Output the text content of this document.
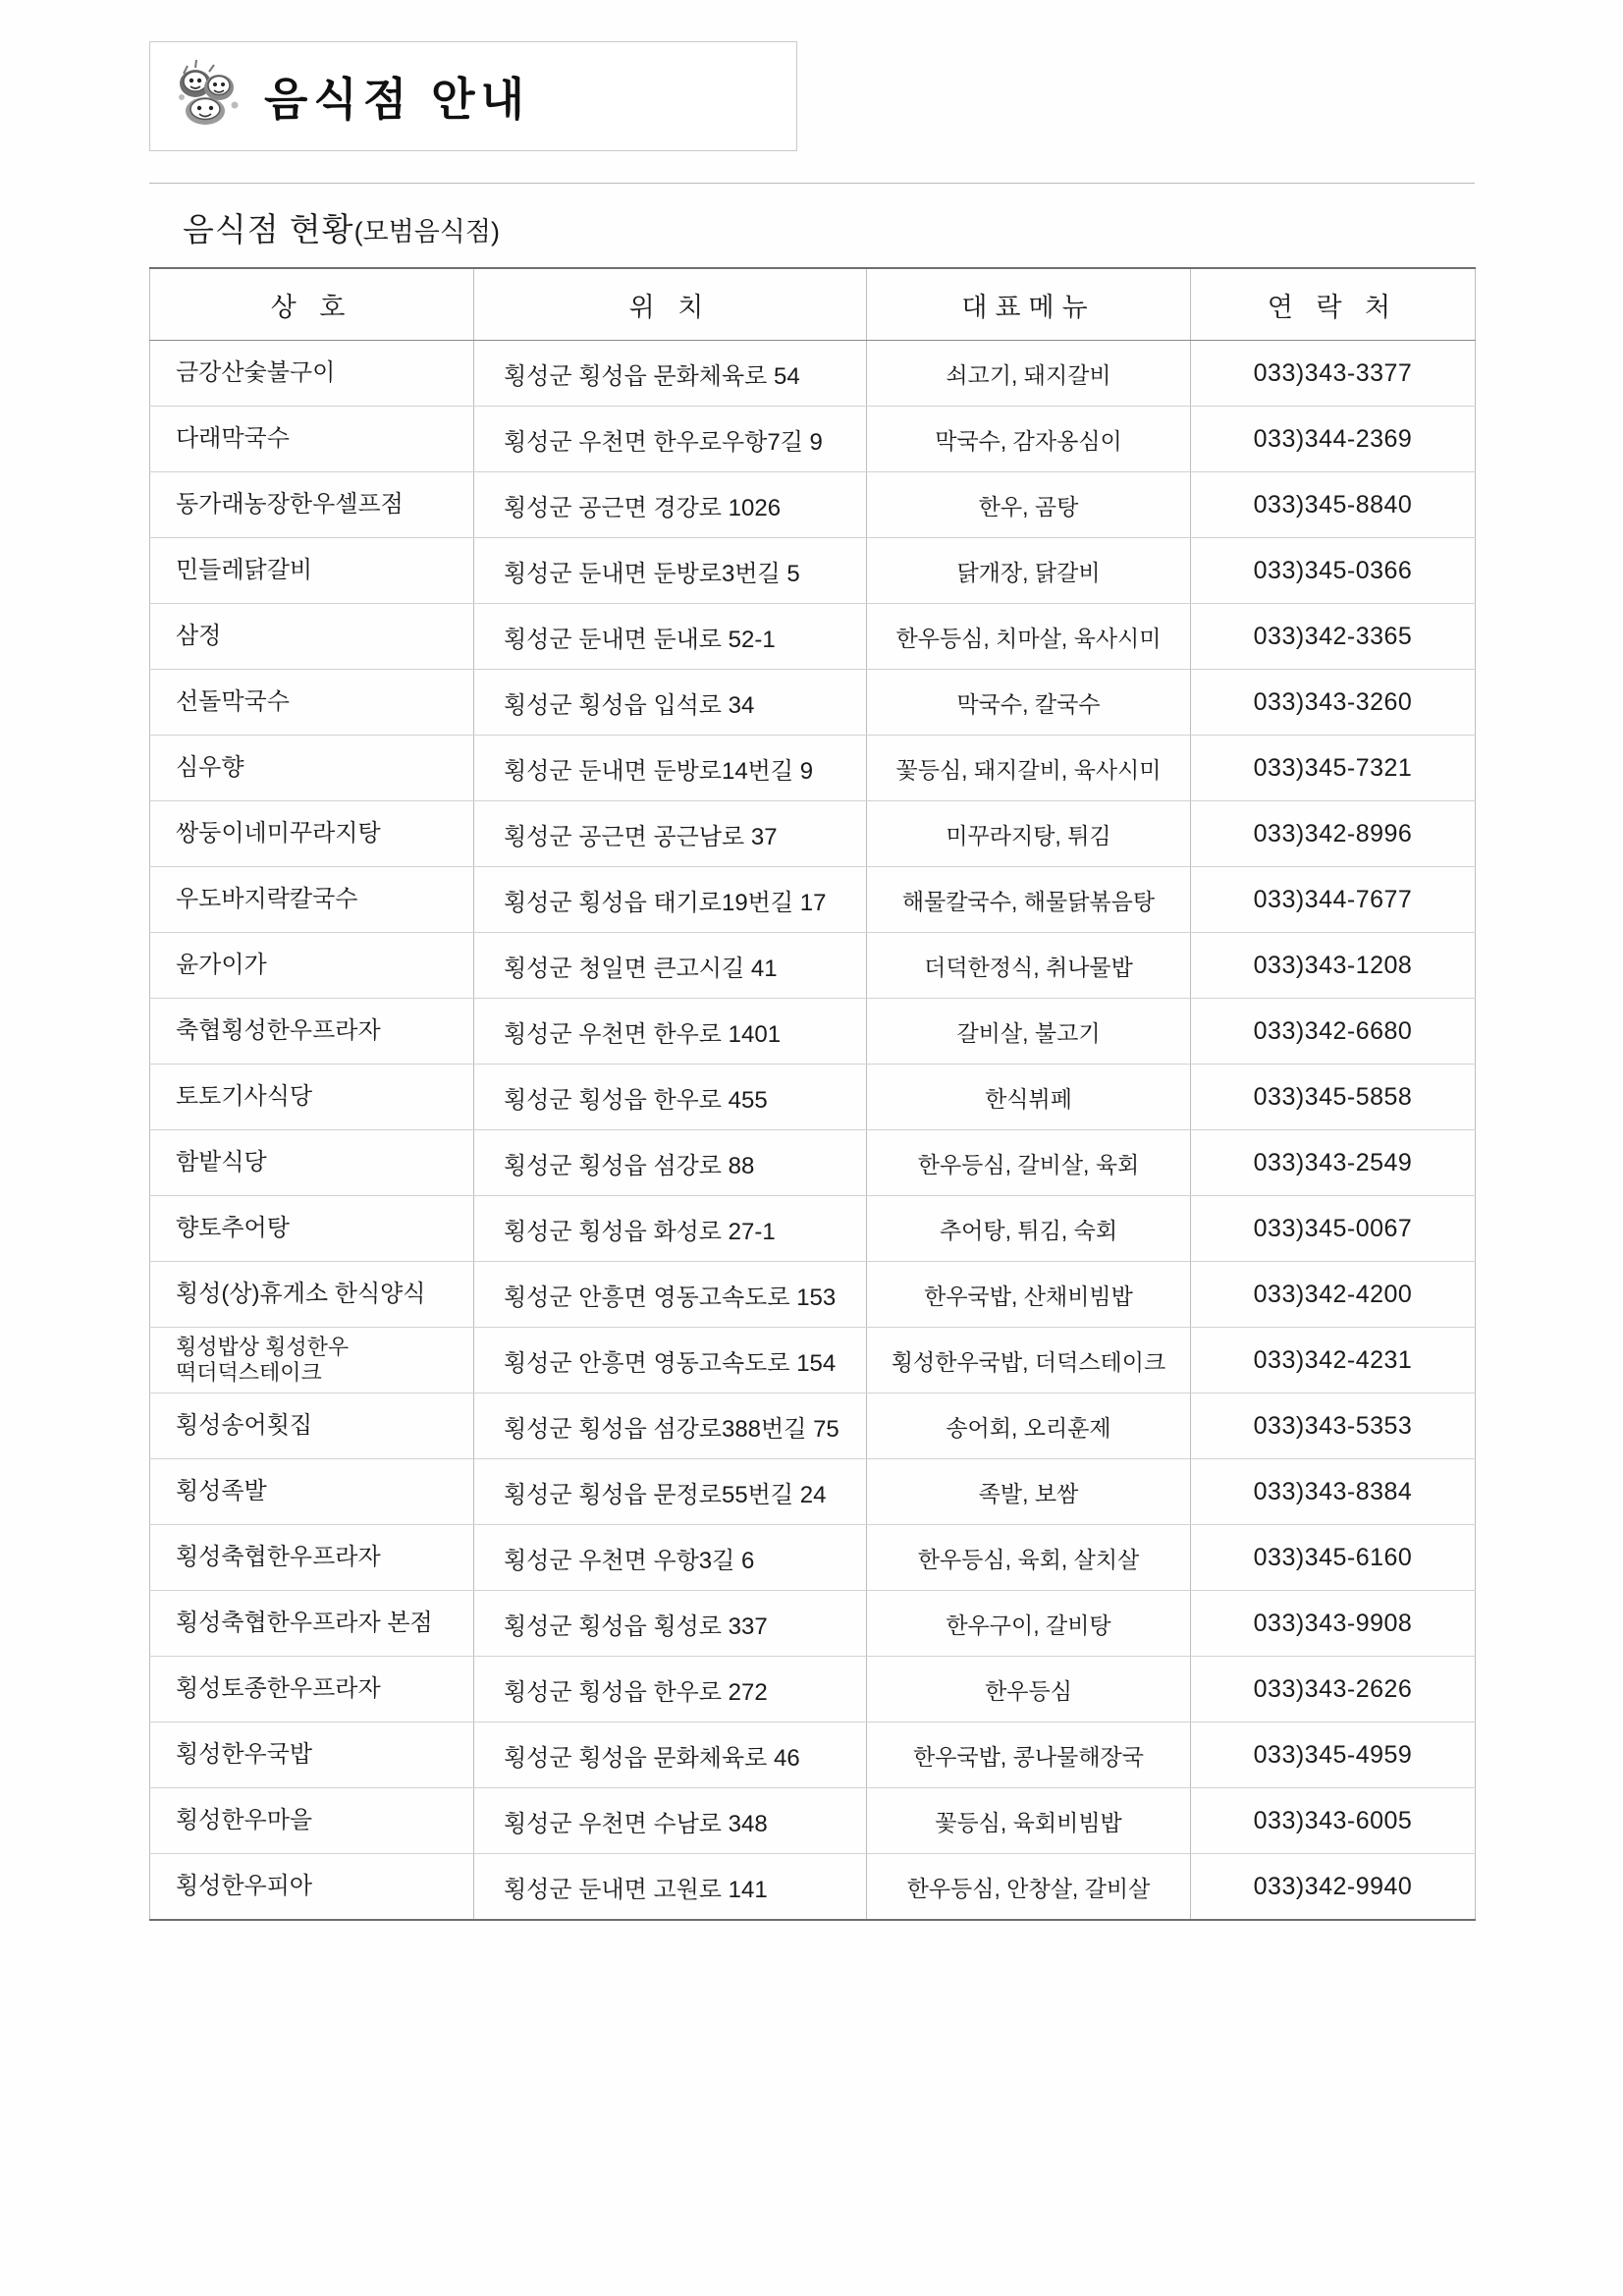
음식점 안내
음식점 현황(모범음식점)
상 호	위 치	대표메뉴	연 락 처
금강산숯불구이	횡성군 횡성읍 문화체육로 54	쇠고기, 돼지갈비	033)343-3377
다래막국수	횡성군 우천면 한우로우항7길 9	막국수, 감자옹심이	033)344-2369
동가래농장한우셀프점	횡성군 공근면 경강로 1026	한우, 곰탕	033)345-8840
민들레닭갈비	횡성군 둔내면 둔방로3번길 5	닭개장, 닭갈비	033)345-0366
삼정	횡성군 둔내면 둔내로 52-1	한우등심, 치마살, 육사시미	033)342-3365
선돌막국수	횡성군 횡성읍 입석로 34	막국수, 칼국수	033)343-3260
심우향	횡성군 둔내면 둔방로14번길 9	꽃등심, 돼지갈비, 육사시미	033)345-7321
쌍둥이네미꾸라지탕	횡성군 공근면 공근남로 37	미꾸라지탕, 튀김	033)342-8996
우도바지락칼국수	횡성군 횡성읍 태기로19번길 17	해물칼국수, 해물닭볶음탕	033)344-7677
윤가이가	횡성군 청일면 큰고시길 41	더덕한정식, 취나물밥	033)343-1208
축협횡성한우프라자	횡성군 우천면 한우로 1401	갈비살, 불고기	033)342-6680
토토기사식당	횡성군 횡성읍 한우로 455	한식뷔페	033)345-5858
함밭식당	횡성군 횡성읍 섬강로 88	한우등심, 갈비살, 육회	033)343-2549
향토추어탕	횡성군 횡성읍 화성로 27-1	추어탕, 튀김, 숙회	033)345-0067
횡성(상)휴게소 한식양식	횡성군 안흥면 영동고속도로 153	한우국밥, 산채비빔밥	033)342-4200
횡성밥상 횡성한우
떡더덕스테이크	횡성군 안흥면 영동고속도로 154	횡성한우국밥, 더덕스테이크	033)342-4231
횡성송어횟집	횡성군 횡성읍 섬강로388번길 75	송어회, 오리훈제	033)343-5353
횡성족발	횡성군 횡성읍 문정로55번길 24	족발, 보쌈	033)343-8384
횡성축협한우프라자	횡성군 우천면 우항3길 6	한우등심, 육회, 살치살	033)345-6160
횡성축협한우프라자 본점	횡성군 횡성읍 횡성로 337	한우구이, 갈비탕	033)343-9908
횡성토종한우프라자	횡성군 횡성읍 한우로 272	한우등심	033)343-2626
횡성한우국밥	횡성군 횡성읍 문화체육로 46	한우국밥, 콩나물해장국	033)345-4959
횡성한우마을	횡성군 우천면 수남로 348	꽃등심, 육회비빔밥	033)343-6005
횡성한우피아	횡성군 둔내면 고원로 141	한우등심, 안창살, 갈비살	033)342-9940
